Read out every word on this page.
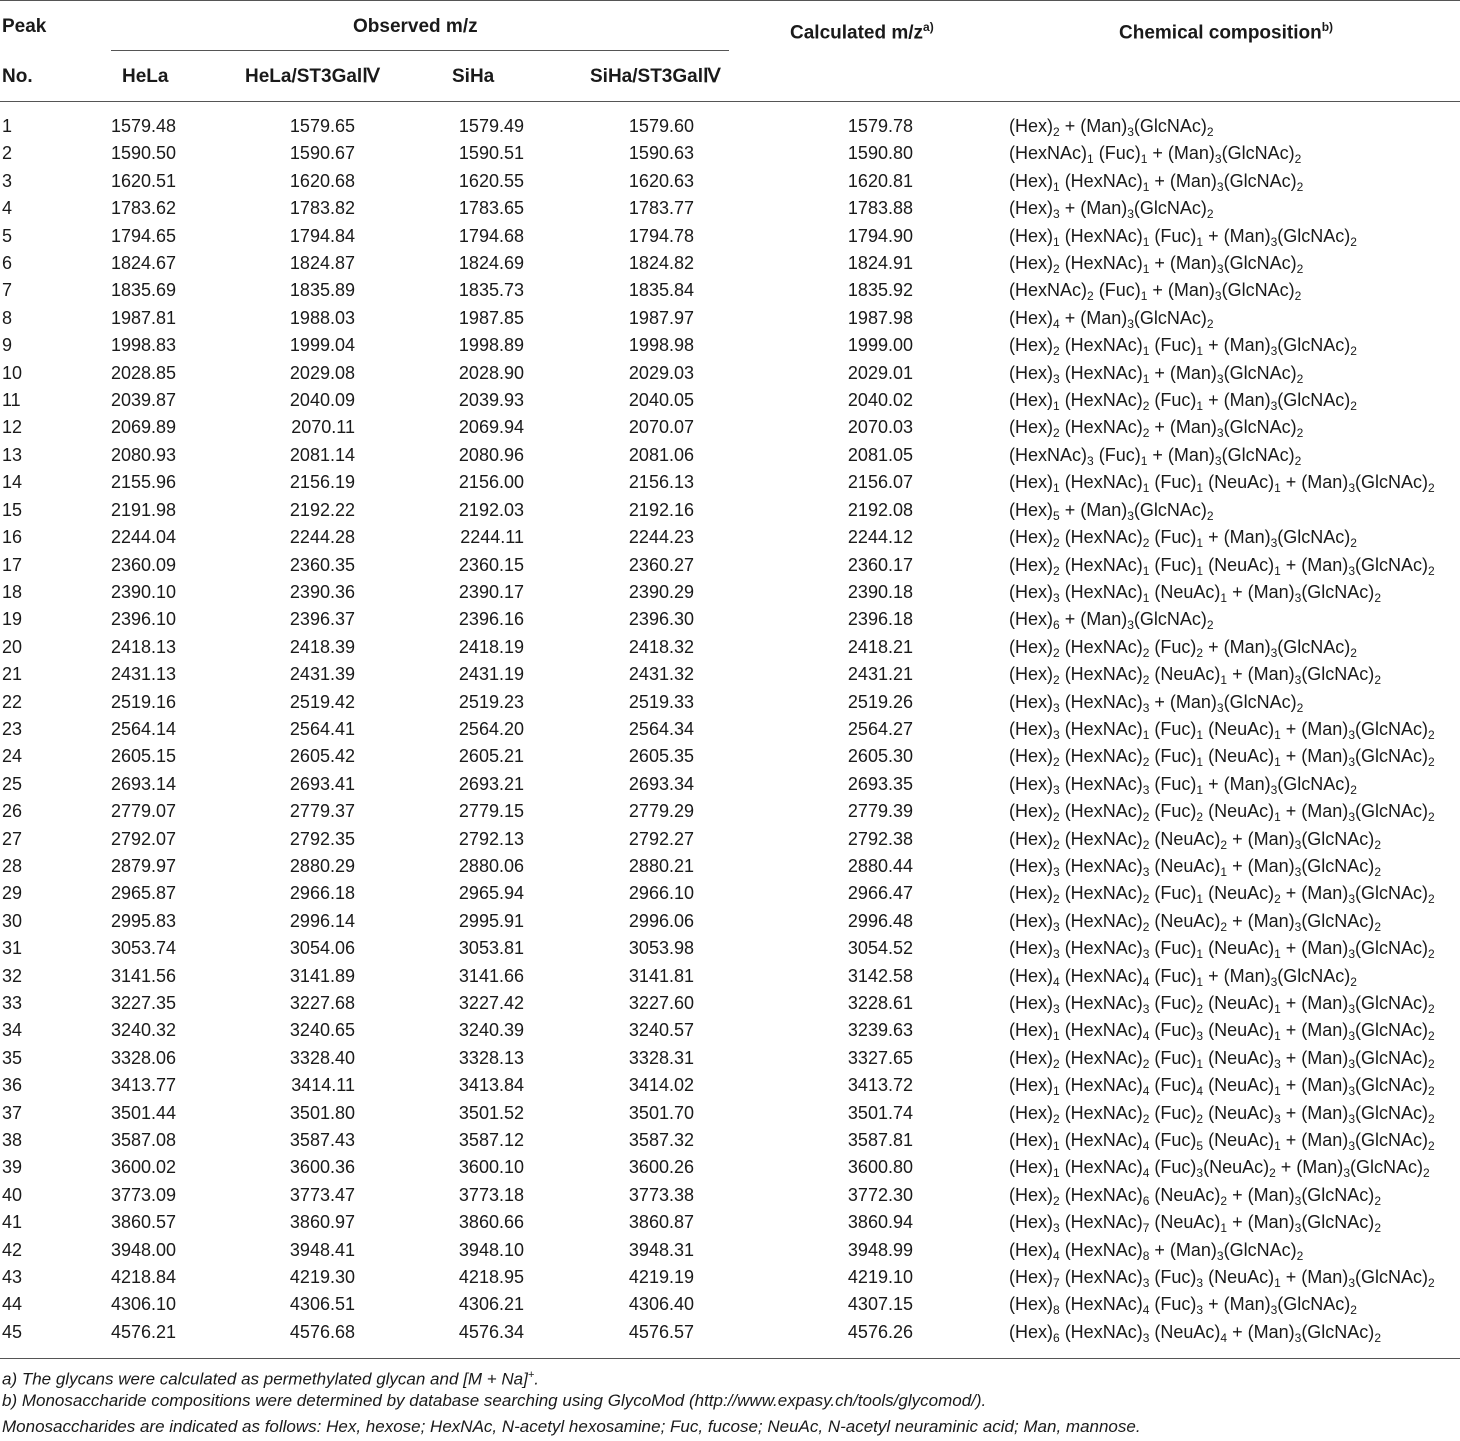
Peak
No.
Observed m/z
HeLa	HeLa/ST3GalⅣ	SiHa	SiHa/ST3GalⅣ
Calculated $m/z^{a)}$	Chemical composition$^{b)}$
1	1579.48	1579.65	1579.49	1579.60	1579.78	$(Hex)_2$ + $(Man)_3(GlcNAc)_2$
2	1590.50	1590.67	1590.51	1590.63	1590.80	$(HexNAc)_1$ $(Fuc)_1$ + $(Man)_3(GlcNAc)_2$
3	1620.51	1620.68	1620.55	1620.63	1620.81	$(Hex)_1$ $(HexNAc)_1$ + $(Man)_3(GlcNAc)_2$
4	1783.62	1783.82	1783.65	1783.77	1783.88	$(Hex)_3$ + $(Man)_3(GlcNAc)_2$
5	1794.65	1794.84	1794.68	1794.78	1794.90	$(Hex)_1$ $(HexNAc)_1$ $(Fuc)_1$ + $(Man)_3(GlcNAc)_2$
6	1824.67	1824.87	1824.69	1824.82	1824.91	$(Hex)_2$ $(HexNAc)_1$ + $(Man)_3(GlcNAc)_2$
7	1835.69	1835.89	1835.73	1835.84	1835.92	$(HexNAc)_2$ $(Fuc)_1$ + $(Man)_3(GlcNAc)_2$
8	1987.81	1988.03	1987.85	1987.97	1987.98	$(Hex)_4$ + $(Man)_3(GlcNAc)_2$
9	1998.83	1999.04	1998.89	1998.98	1999.00	$(Hex)_2$ $(HexNAc)_1$ $(Fuc)_1$ + $(Man)_3(GlcNAc)_2$
10	2028.85	2029.08	2028.90	2029.03	2029.01	$(Hex)_3$ $(HexNAc)_1$ + $(Man)_3(GlcNAc)_2$
11	2039.87	2040.09	2039.93	2040.05	2040.02	$(Hex)_1$ $(HexNAc)_2$ $(Fuc)_1$ + $(Man)_3(GlcNAc)_2$
12	2069.89	2070.11	2069.94	2070.07	2070.03	$(Hex)_2$ $(HexNAc)_2$ + $(Man)_3(GlcNAc)_2$
13	2080.93	2081.14	2080.96	2081.06	2081.05	$(HexNAc)_3$ $(Fuc)_1$ + $(Man)_3(GlcNAc)_2$
14	2155.96	2156.19	2156.00	2156.13	2156.07	$(Hex)_1$ $(HexNAc)_1$ $(Fuc)_1$ $(NeuAc)_1$ + $(Man)_3(GlcNAc)_2$
15	2191.98	2192.22	2192.03	2192.16	2192.08	$(Hex)_5$ + $(Man)_3(GlcNAc)_2$
16	2244.04	2244.28	2244.11	2244.23	2244.12	$(Hex)_2$ $(HexNAc)_2$ $(Fuc)_1$ + $(Man)_3(GlcNAc)_2$
17	2360.09	2360.35	2360.15	2360.27	2360.17	$(Hex)_2$ $(HexNAc)_1$ $(Fuc)_1$ $(NeuAc)_1$ + $(Man)_3(GlcNAc)_2$
18	2390.10	2390.36	2390.17	2390.29	2390.18	$(Hex)_3$ $(HexNAc)_1$ $(NeuAc)_1$ + $(Man)_3(GlcNAc)_2$
19	2396.10	2396.37	2396.16	2396.30	2396.18	$(Hex)_6$ + $(Man)_3(GlcNAc)_2$
20	2418.13	2418.39	2418.19	2418.32	2418.21	$(Hex)_2$ $(HexNAc)_2$ $(Fuc)_2$ + $(Man)_3(GlcNAc)_2$
21	2431.13	2431.39	2431.19	2431.32	2431.21	$(Hex)_2$ $(HexNAc)_2$ $(NeuAc)_1$ + $(Man)_3(GlcNAc)_2$
22	2519.16	2519.42	2519.23	2519.33	2519.26	$(Hex)_3$ $(HexNAc)_3$ + $(Man)_3(GlcNAc)_2$
23	2564.14	2564.41	2564.20	2564.34	2564.27	$(Hex)_3$ $(HexNAc)_1$ $(Fuc)_1$ $(NeuAc)_1$ + $(Man)_3(GlcNAc)_2$
24	2605.15	2605.42	2605.21	2605.35	2605.30	$(Hex)_2$ $(HexNAc)_2$ $(Fuc)_1$ $(NeuAc)_1$ + $(Man)_3(GlcNAc)_2$
25	2693.14	2693.41	2693.21	2693.34	2693.35	$(Hex)_3$ $(HexNAc)_3$ $(Fuc)_1$ + $(Man)_3(GlcNAc)_2$
26	2779.07	2779.37	2779.15	2779.29	2779.39	$(Hex)_2$ $(HexNAc)_2$ $(Fuc)_2$ $(NeuAc)_1$ + $(Man)_3(GlcNAc)_2$
27	2792.07	2792.35	2792.13	2792.27	2792.38	$(Hex)_2$ $(HexNAc)_2$ $(NeuAc)_2$ + $(Man)_3(GlcNAc)_2$
28	2879.97	2880.29	2880.06	2880.21	2880.44	$(Hex)_3$ $(HexNAc)_3$ $(NeuAc)_1$ + $(Man)_3(GlcNAc)_2$
29	2965.87	2966.18	2965.94	2966.10	2966.47	$(Hex)_2$ $(HexNAc)_2$ $(Fuc)_1$ $(NeuAc)_2$ + $(Man)_3(GlcNAc)_2$
30	2995.83	2996.14	2995.91	2996.06	2996.48	$(Hex)_3$ $(HexNAc)_2$ $(NeuAc)_2$ + $(Man)_3(GlcNAc)_2$
31	3053.74	3054.06	3053.81	3053.98	3054.52	$(Hex)_3$ $(HexNAc)_3$ $(Fuc)_1$ $(NeuAc)_1$ + $(Man)_3(GlcNAc)_2$
32	3141.56	3141.89	3141.66	3141.81	3142.58	$(Hex)_4$ $(HexNAc)_4$ $(Fuc)_1$ + $(Man)_3(GlcNAc)_2$
33	3227.35	3227.68	3227.42	3227.60	3228.61	$(Hex)_3$ $(HexNAc)_3$ $(Fuc)_2$ $(NeuAc)_1$ + $(Man)_3(GlcNAc)_2$
34	3240.32	3240.65	3240.39	3240.57	3239.63	$(Hex)_1$ $(HexNAc)_4$ $(Fuc)_3$ $(NeuAc)_1$ + $(Man)_3(GlcNAc)_2$
35	3328.06	3328.40	3328.13	3328.31	3327.65	$(Hex)_2$ $(HexNAc)_2$ $(Fuc)_1$ $(NeuAc)_3$ + $(Man)_3(GlcNAc)_2$
36	3413.77	3414.11	3413.84	3414.02	3413.72	$(Hex)_1$ $(HexNAc)_4$ $(Fuc)_4$ $(NeuAc)_1$ + $(Man)_3(GlcNAc)_2$
37	3501.44	3501.80	3501.52	3501.70	3501.74	$(Hex)_2$ $(HexNAc)_2$ $(Fuc)_2$ $(NeuAc)_3$ + $(Man)_3(GlcNAc)_2$
38	3587.08	3587.43	3587.12	3587.32	3587.81	$(Hex)_1$ $(HexNAc)_4$ $(Fuc)_5$ $(NeuAc)_1$ + $(Man)_3(GlcNAc)_2$
39	3600.02	3600.36	3600.10	3600.26	3600.80	$(Hex)_1$ $(HexNAc)_4$ $(Fuc)_3(NeuAc)_2$ + $(Man)_3(GlcNAc)_2$
40	3773.09	3773.47	3773.18	3773.38	3772.30	$(Hex)_2$ $(HexNAc)_6$ $(NeuAc)_2$ + $(Man)_3(GlcNAc)_2$
41	3860.57	3860.97	3860.66	3860.87	3860.94	$(Hex)_3$ $(HexNAc)_7$ $(NeuAc)_1$ + $(Man)_3(GlcNAc)_2$
42	3948.00	3948.41	3948.10	3948.31	3948.99	$(Hex)_4$ $(HexNAc)_8$ + $(Man)_3(GlcNAc)_2$
43	4218.84	4219.30	4218.95	4219.19	4219.10	$(Hex)_7$ $(HexNAc)_3$ $(Fuc)_3$ $(NeuAc)_1$ + $(Man)_3(GlcNAc)_2$
44	4306.10	4306.51	4306.21	4306.40	4307.15	$(Hex)_8$ $(HexNAc)_4$ $(Fuc)_3$ + $(Man)_3(GlcNAc)_2$
45	4576.21	4576.68	4576.34	4576.57	4576.26	$(Hex)_6$ $(HexNAc)_3$ $(NeuAc)_4$ + $(Man)_3(GlcNAc)_2$
a) The glycans were calculated as permethylated glycan and [M + Na]+.
b) Monosaccharide compositions were determined by database searching using GlycoMod (http://www.expasy.ch/tools/glycomod/).
Monosaccharides are indicated as follows: Hex, hexose; HexNAc, N-acetyl hexosamine; Fuc, fucose; NeuAc, N-acetyl neuraminic acid; Man, mannose.
